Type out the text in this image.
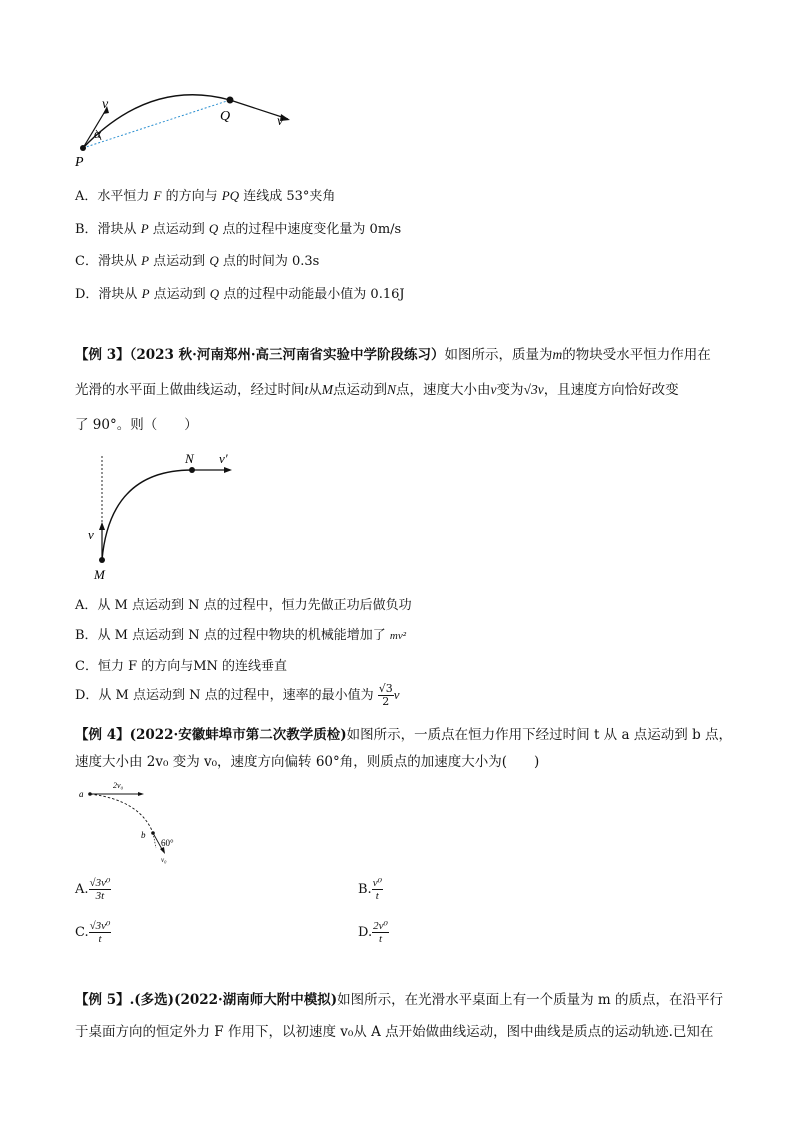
v
α
P
Q	v
A．水平恒力 F 的方向与 PQ 连线成 53°夹角
B．滑块从 P 点运动到 Q 点的过程中速度变化量为 0m/s
C．滑块从 P 点运动到 Q 点的时间为 0.3s
D．滑块从 P 点运动到 Q 点的过程中动能最小值为 0.16J
【例 3】（2023 秋·河南郑州·高三河南省实验中学阶段练习）如图所示，质量为m的物块受水平恒力作用在
光滑的水平面上做曲线运动，经过时间t从M点运动到N点，速度大小由v变为√3v，且速度方向恰好改变
了 90°。则（　　）
N v′
v
M
A．从 M 点运动到 N 点的过程中，恒力先做正功后做负功
B．从 M 点运动到 N 点的过程中物块的机械能增加了 mv²
C．恒力 F 的方向与MN 的连线垂直
D．从 M 点运动到 N 点的过程中，速率的最小值为 $\frac{√3}{2}$ v
【例 4】(2022·安徽蚌埠市第二次教学质检)如图所示，一质点在恒力作用下经过时间 t 从 a 点运动到 b 点，
速度大小由 2v₀ 变为 v₀，速度方向偏转 60°角，则质点的加速度大小为(　　)
a
2v₀
b
60°
v₀
A. $\frac{\text{√3v⁰}}{3t}$	B. $\frac{\text{v⁰}}{t}$
C. $\frac{\text{√3v⁰}}{t}$	D. $\frac{\text{2v⁰}}{t}$
【例 5】.(多选)(2022·湖南师大附中模拟)如图所示，在光滑水平桌面上有一个质量为 m 的质点，在沿平行
于桌面方向的恒定外力 F 作用下，以初速度 v₀从 A 点开始做曲线运动，图中曲线是质点的运动轨迹.已知在
